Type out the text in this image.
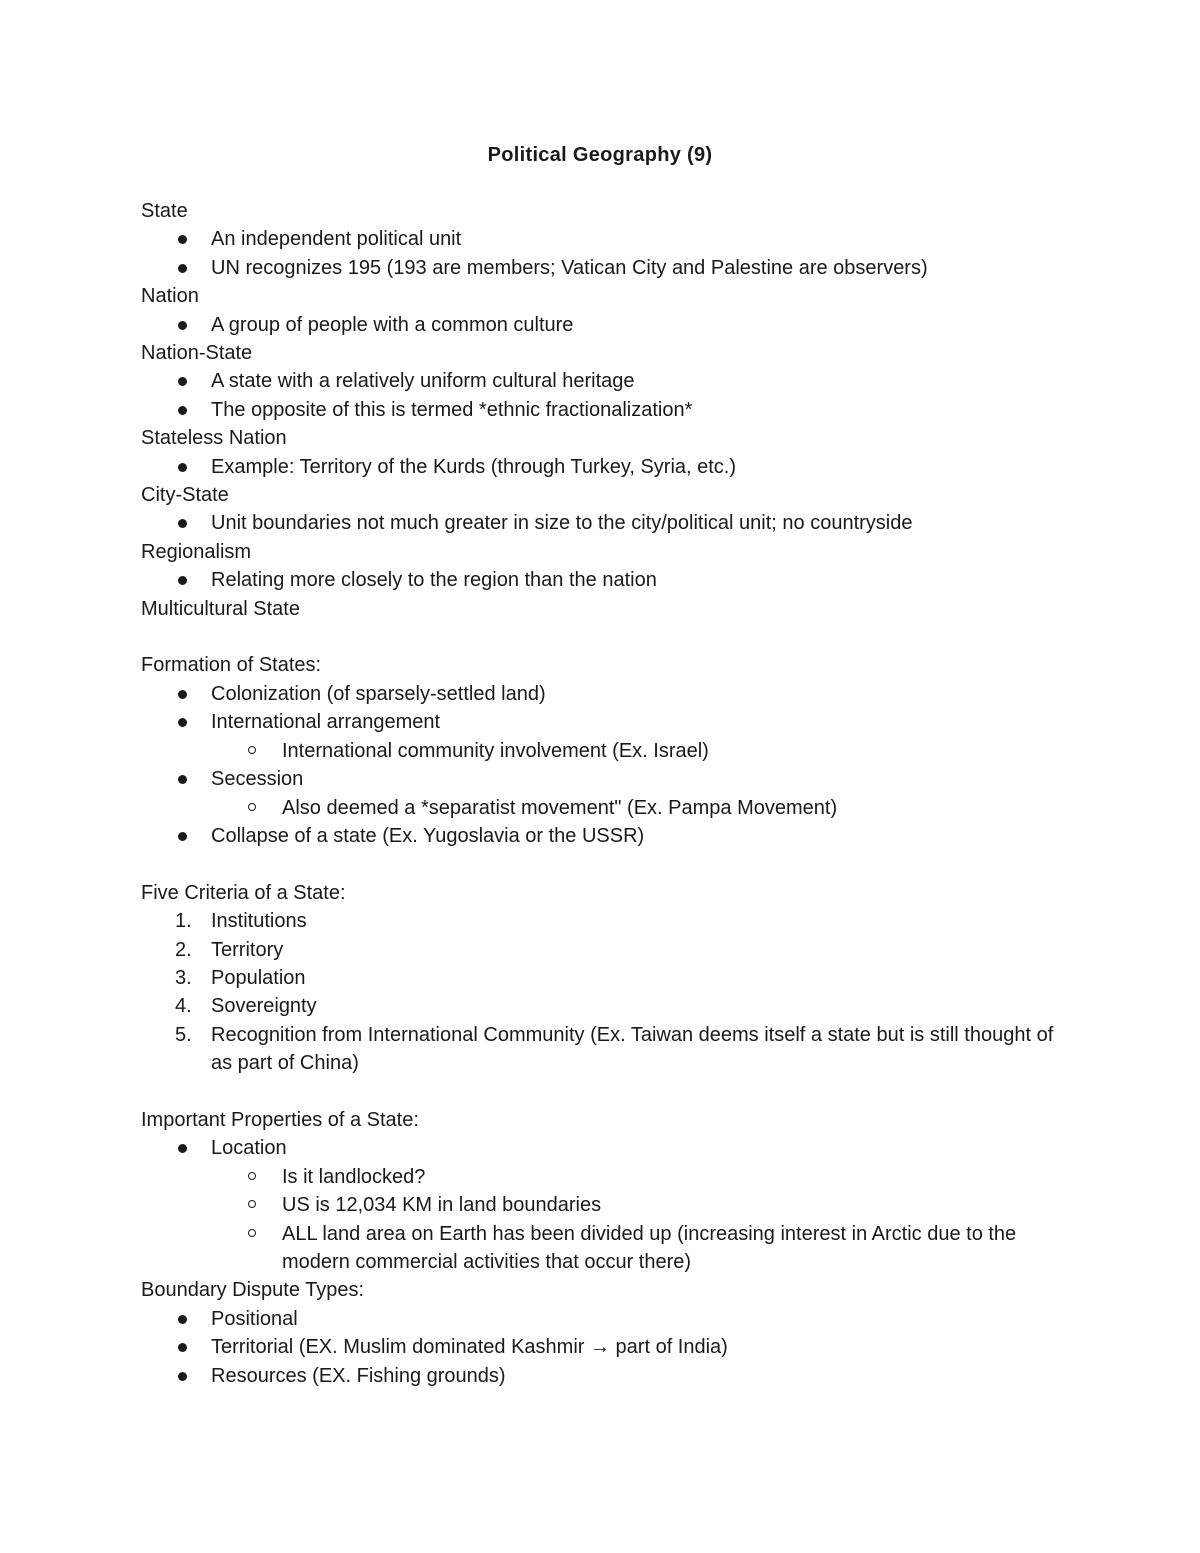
Political Geography (9)
State
An independent political unit
UN recognizes 195 (193 are members; Vatican City and Palestine are observers)
Nation
A group of people with a common culture
Nation-State
A state with a relatively uniform cultural heritage
The opposite of this is termed *ethnic fractionalization*
Stateless Nation
Example: Territory of the Kurds (through Turkey, Syria, etc.)
City-State
Unit boundaries not much greater in size to the city/political unit; no countryside
Regionalism
Relating more closely to the region than the nation
Multicultural State
Formation of States:
Colonization (of sparsely-settled land)
International arrangement
International community involvement (Ex. Israel)
Secession
Also deemed a *separatist movement" (Ex. Pampa Movement)
Collapse of a state (Ex. Yugoslavia or the USSR)
Five Criteria of a State:
1. Institutions
2. Territory
3. Population
4. Sovereignty
5. Recognition from International Community (Ex. Taiwan deems itself a state but is still thought of as part of China)
Important Properties of a State:
Location
Is it landlocked?
US is 12,034 KM in land boundaries
ALL land area on Earth has been divided up (increasing interest in Arctic due to the modern commercial activities that occur there)
Boundary Dispute Types:
Positional
Territorial (EX. Muslim dominated Kashmir → part of India)
Resources (EX. Fishing grounds)
